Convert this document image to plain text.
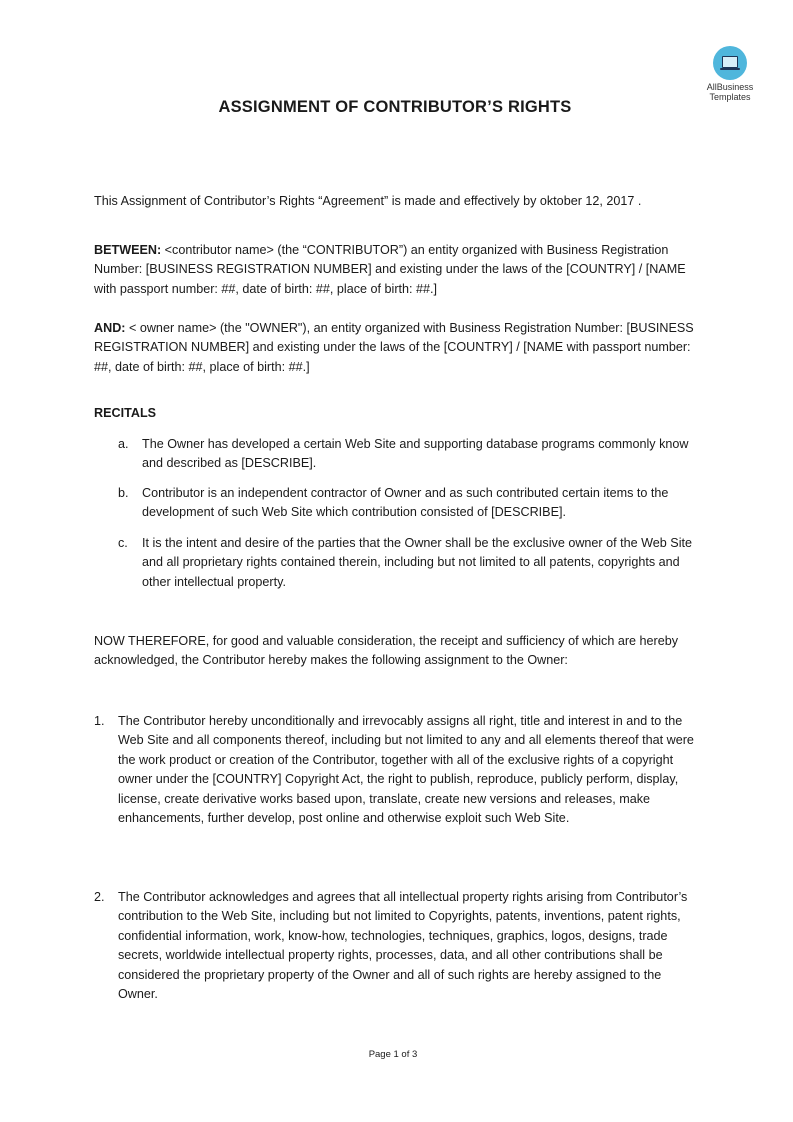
AllBusiness
Templates
ASSIGNMENT OF CONTRIBUTOR’S RIGHTS
This Assignment of Contributor’s Rights “Agreement” is made and effectively by oktober 12, 2017 .
BETWEEN: <contributor name> (the “CONTRIBUTOR”) an entity organized with Business Registration Number: [BUSINESS REGISTRATION NUMBER] and existing under the laws of the [COUNTRY] / [NAME with passport number: ##, date of birth: ##, place of birth: ##.]
AND: < owner name> (the "OWNER"), an entity organized with Business Registration Number: [BUSINESS REGISTRATION NUMBER] and existing under the laws of the [COUNTRY] / [NAME with passport number: ##, date of birth: ##, place of birth: ##.]
RECITALS
a. The Owner has developed a certain Web Site and supporting database programs commonly know and described as [DESCRIBE].
b. Contributor is an independent contractor of Owner and as such contributed certain items to the development of such Web Site which contribution consisted of [DESCRIBE].
c. It is the intent and desire of the parties that the Owner shall be the exclusive owner of the Web Site and all proprietary rights contained therein, including but not limited to all patents, copyrights and other intellectual property.
NOW THEREFORE, for good and valuable consideration, the receipt and sufficiency of which are hereby acknowledged, the Contributor hereby makes the following assignment to the Owner:
1. The Contributor hereby unconditionally and irrevocably assigns all right, title and interest in and to the Web Site and all components thereof, including but not limited to any and all elements thereof that were the work product or creation of the Contributor, together with all of the exclusive rights of a copyright owner under the [COUNTRY] Copyright Act, the right to publish, reproduce, publicly perform, display, license, create derivative works based upon, translate, create new versions and releases, make enhancements, further develop, post online and otherwise exploit such Web Site.
2. The Contributor acknowledges and agrees that all intellectual property rights arising from Contributor’s contribution to the Web Site, including but not limited to Copyrights, patents, inventions, patent rights, confidential information, work, know-how, technologies, techniques, graphics, logos, designs, trade secrets, worldwide intellectual property rights, processes, data, and all other contributions shall be considered the proprietary property of the Owner and all of such rights are hereby assigned to the Owner.
Page 1 of 3
